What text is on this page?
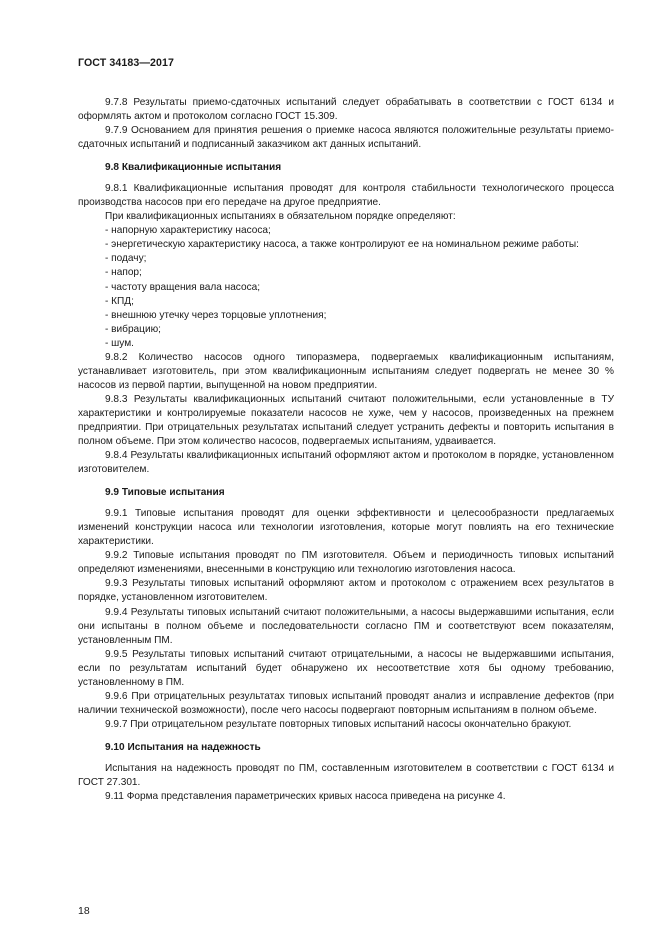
ГОСТ 34183—2017

9.7.8 Результаты приемо-сдаточных испытаний следует обрабатывать в соответствии с ГОСТ 6134 и оформлять актом и протоколом согласно ГОСТ 15.309.

9.7.9 Основанием для принятия решения о приемке насоса являются положительные результаты приемо-сдаточных испытаний и подписанный заказчиком акт данных испытаний.

9.8 Квалификационные испытания

9.8.1 Квалификационные испытания проводят для контроля стабильности технологического процесса производства насосов при его передаче на другое предприятие.

При квалификационных испытаниях в обязательном порядке определяют:

- напорную характеристику насоса;

- энергетическую характеристику насоса, а также контролируют ее на номинальном режиме работы:

- подачу;

- напор;

- частоту вращения вала насоса;

- КПД;

- внешнюю утечку через торцовые уплотнения;

- вибрацию;

- шум.

9.8.2 Количество насосов одного типоразмера, подвергаемых квалификационным испытаниям, устанавливает изготовитель, при этом квалификационным испытаниям следует подвергать не менее 30 % насосов из первой партии, выпущенной на новом предприятии.

9.8.3 Результаты квалификационных испытаний считают положительными, если установленные в ТУ характеристики и контролируемые показатели насосов не хуже, чем у насосов, произведенных на прежнем предприятии. При отрицательных результатах испытаний следует устранить дефекты и повторить испытания в полном объеме. При этом количество насосов, подвергаемых испытаниям, удваивается.

9.8.4 Результаты квалификационных испытаний оформляют актом и протоколом в порядке, установленном изготовителем.

9.9 Типовые испытания

9.9.1 Типовые испытания проводят для оценки эффективности и целесообразности предлагаемых изменений конструкции насоса или технологии изготовления, которые могут повлиять на его технические характеристики.

9.9.2 Типовые испытания проводят по ПМ изготовителя. Объем и периодичность типовых испытаний определяют изменениями, внесенными в конструкцию или технологию изготовления насоса.

9.9.3 Результаты типовых испытаний оформляют актом и протоколом с отражением всех результатов в порядке, установленном изготовителем.

9.9.4 Результаты типовых испытаний считают положительными, а насосы выдержавшими испытания, если они испытаны в полном объеме и последовательности согласно ПМ и соответствуют всем показателям, установленным ПМ.

9.9.5 Результаты типовых испытаний считают отрицательными, а насосы не выдержавшими испытания, если по результатам испытаний будет обнаружено их несоответствие хотя бы одному требованию, установленному в ПМ.

9.9.6 При отрицательных результатах типовых испытаний проводят анализ и исправление дефектов (при наличии технической возможности), после чего насосы подвергают повторным испытаниям в полном объеме.

9.9.7 При отрицательном результате повторных типовых испытаний насосы окончательно бракуют.

9.10 Испытания на надежность

Испытания на надежность проводят по ПМ, составленным изготовителем в соответствии с ГОСТ 6134 и ГОСТ 27.301.

9.11 Форма представления параметрических кривых насоса приведена на рисунке 4.

18
